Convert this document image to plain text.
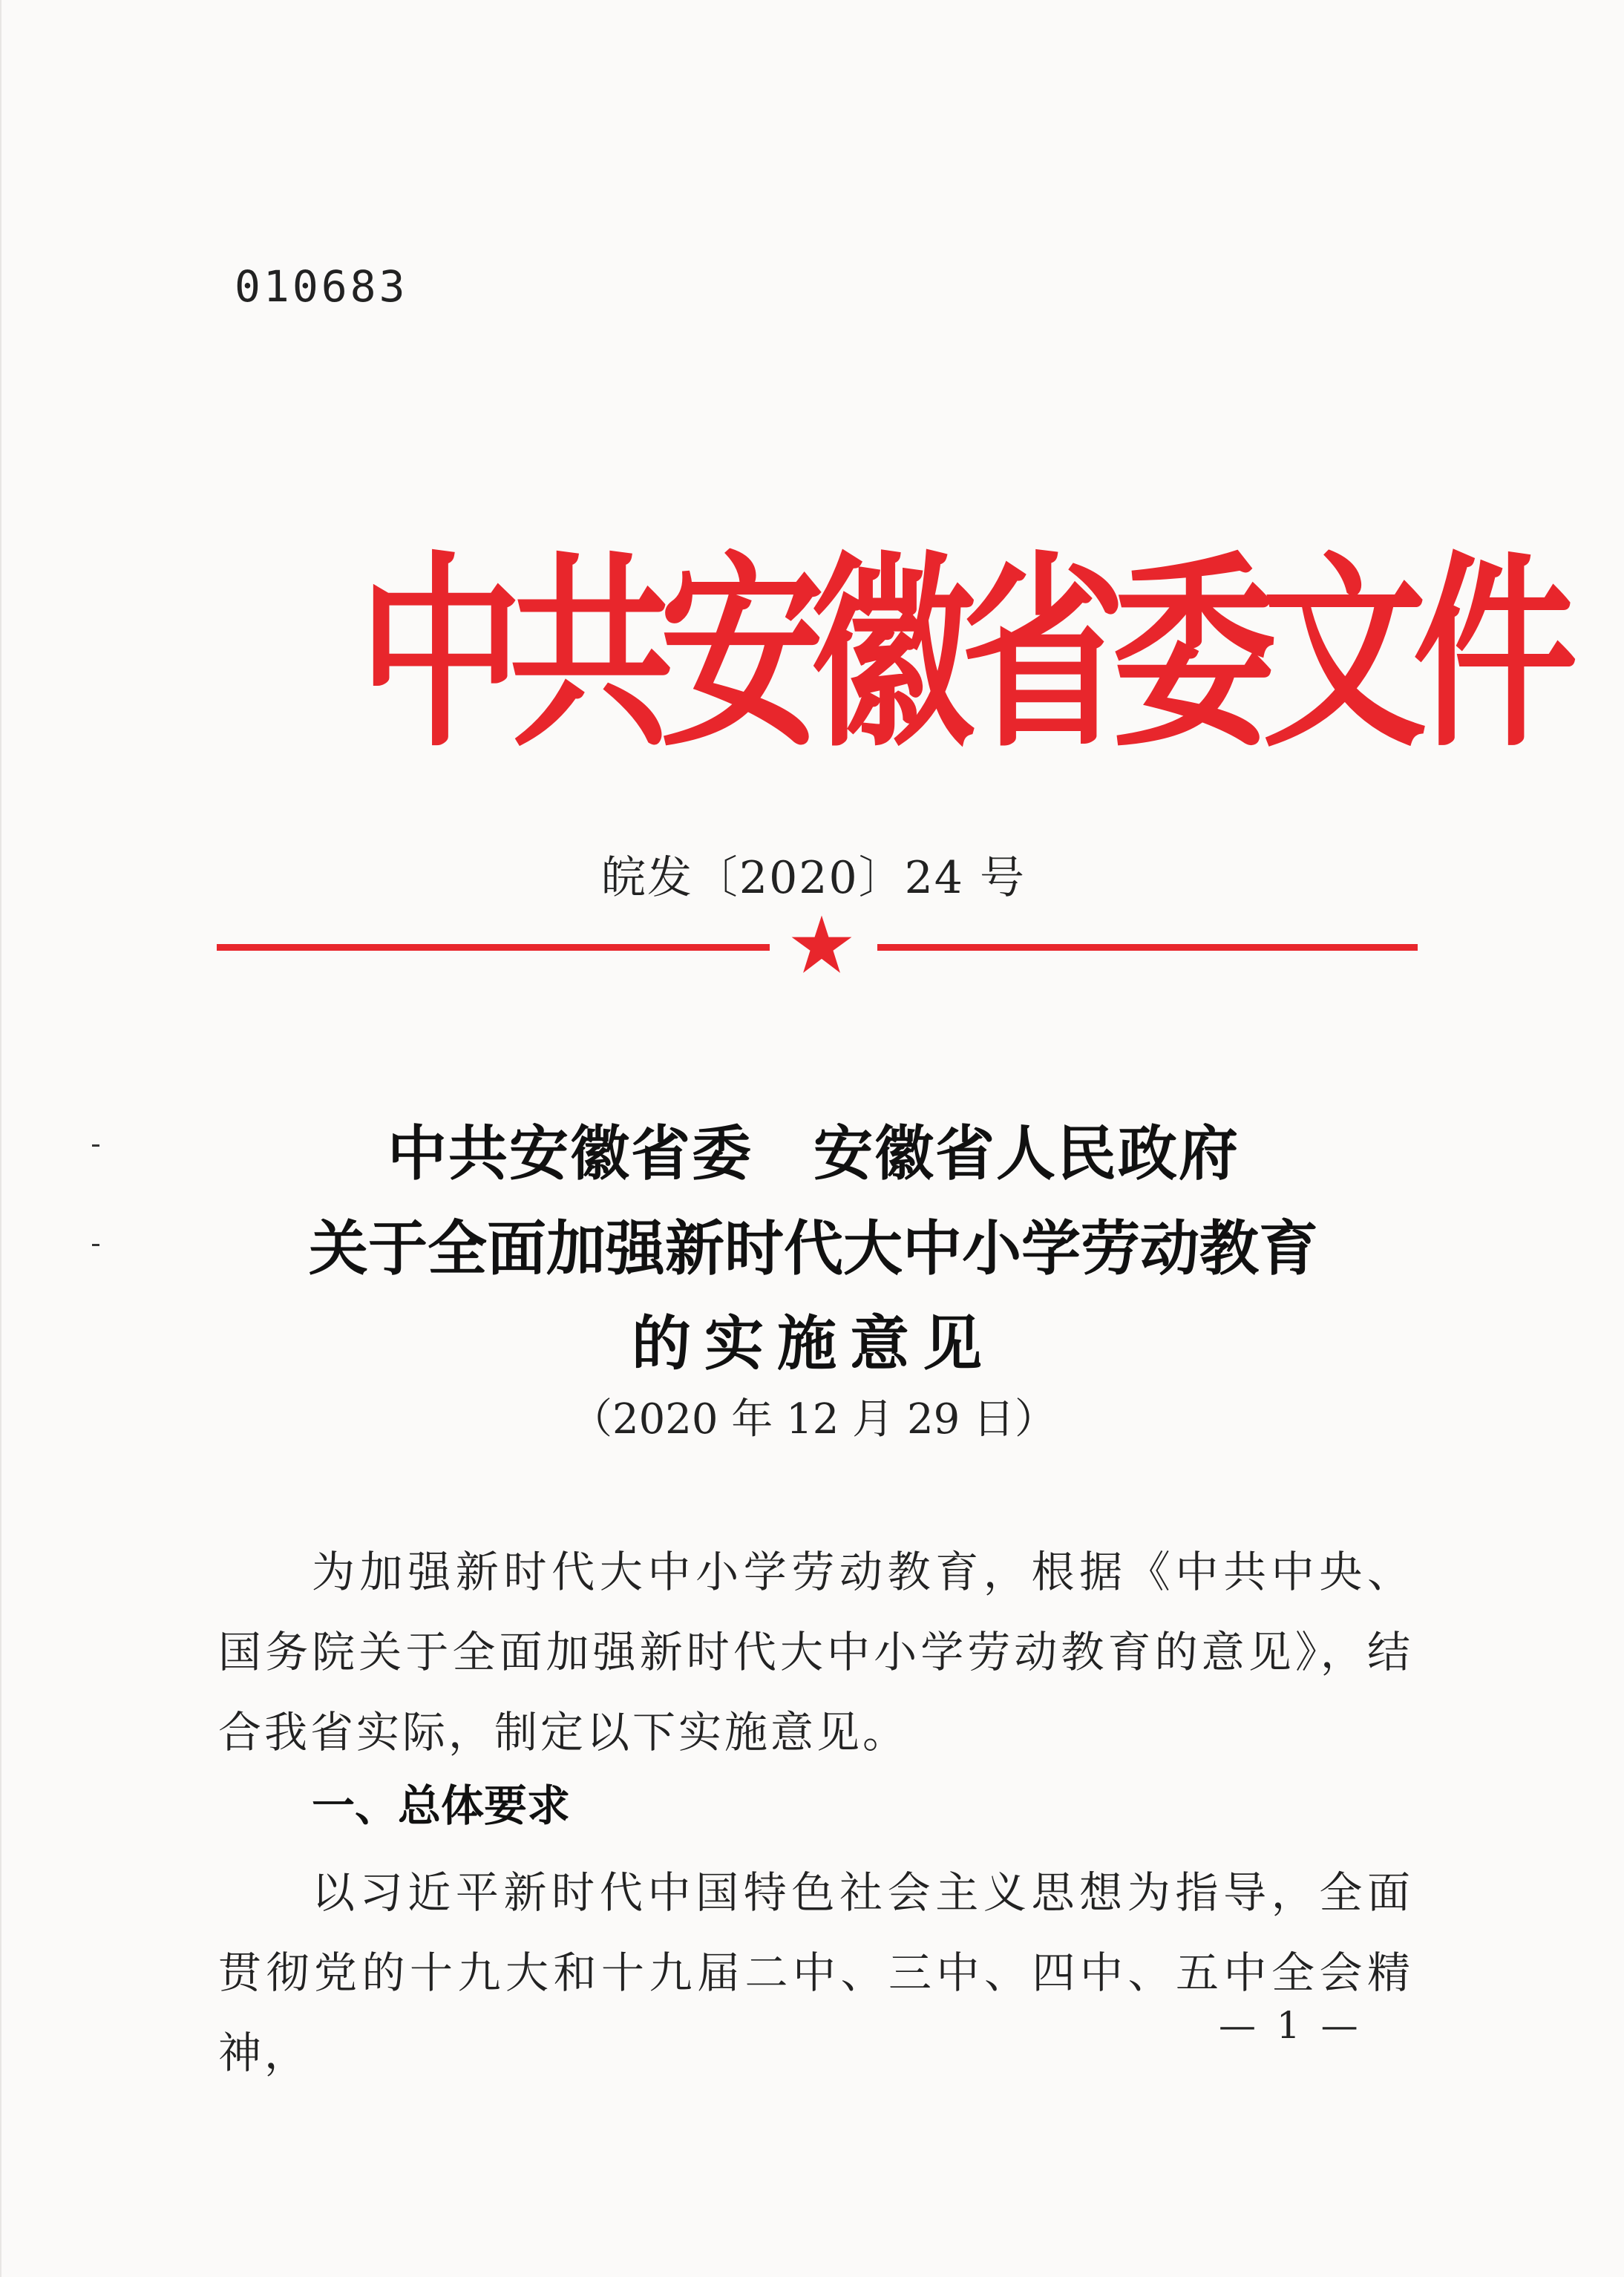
010683
中共安徽省委文件
皖发〔2020〕24 号
中共安徽省委　安徽省人民政府
关于全面加强新时代大中小学劳动教育
的实施意见
（2020 年 12 月 29 日）
为加强新时代大中小学劳动教育，根据《中共中央、国务院关于全面加强新时代大中小学劳动教育的意见》，结合我省实际，制定以下实施意见。
一、总体要求
以习近平新时代中国特色社会主义思想为指导，全面贯彻党的十九大和十九届二中、三中、四中、五中全会精神，
— 1 —
